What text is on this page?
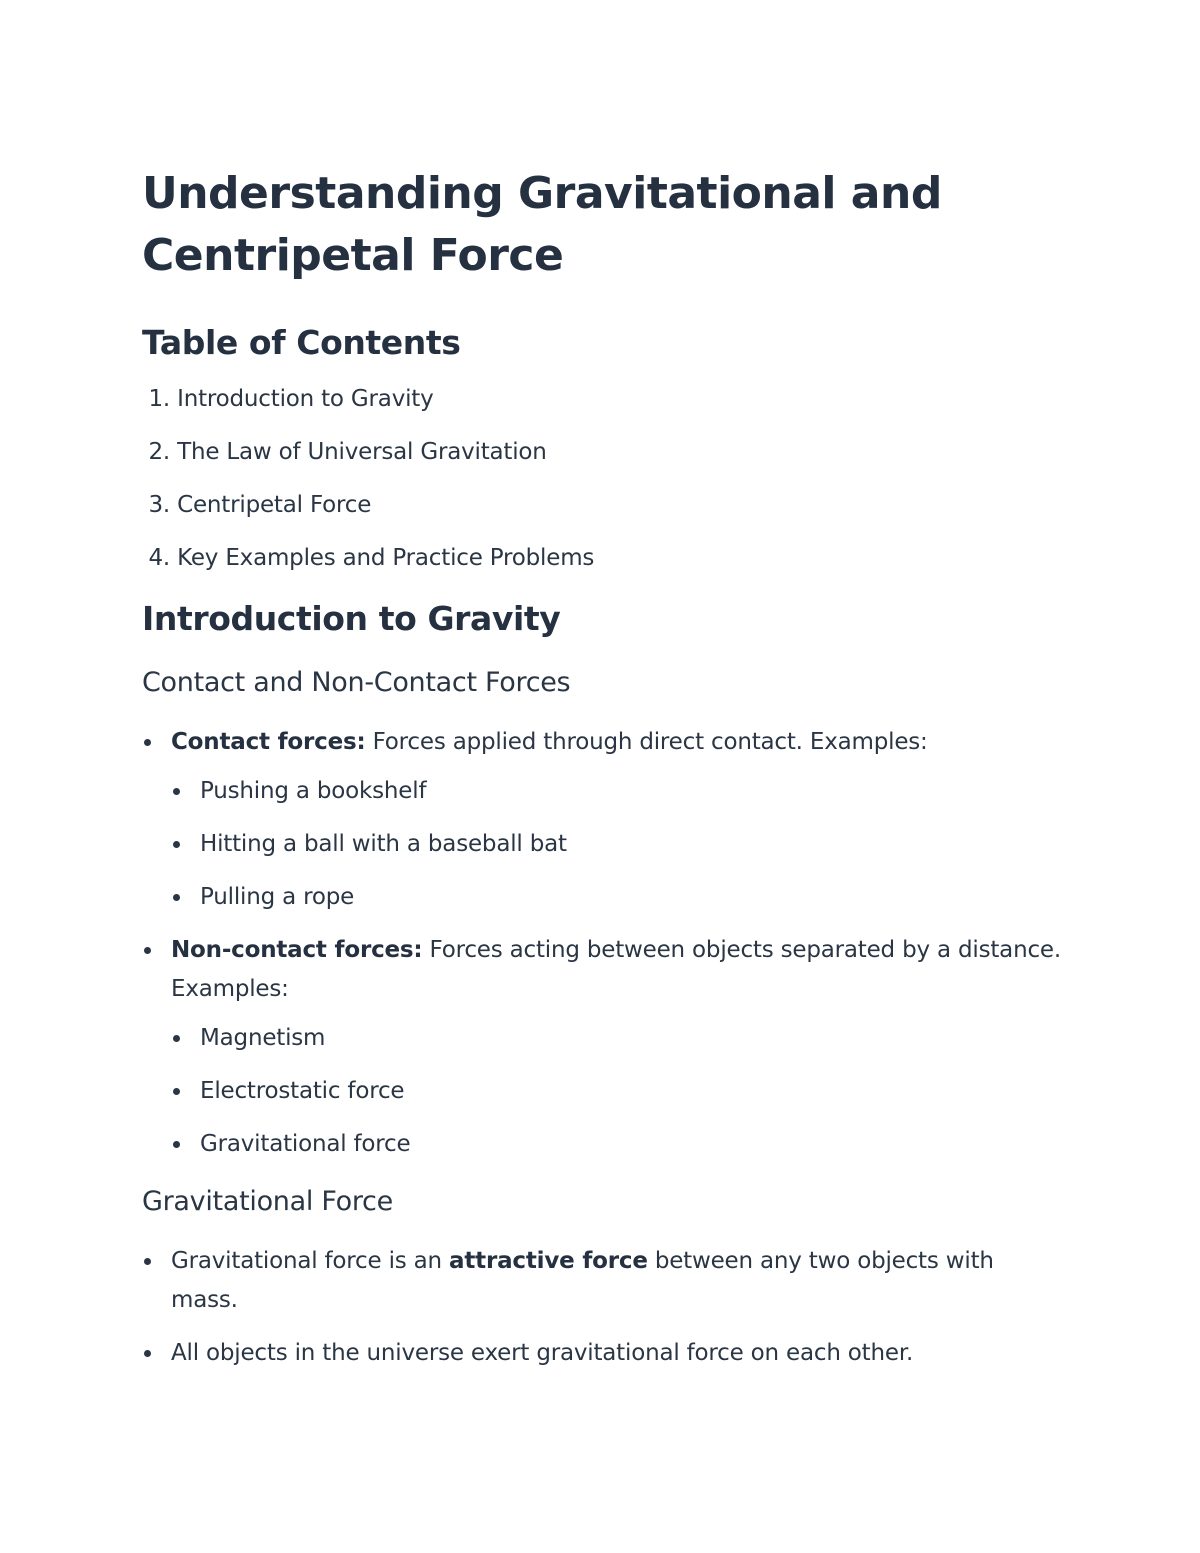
Understanding Gravitational and Centripetal Force
Table of Contents
1. Introduction to Gravity
2. The Law of Universal Gravitation
3. Centripetal Force
4. Key Examples and Practice Problems
Introduction to Gravity
Contact and Non-Contact Forces
Contact forces: Forces applied through direct contact. Examples:
Pushing a bookshelf
Hitting a ball with a baseball bat
Pulling a rope
Non-contact forces: Forces acting between objects separated by a distance. Examples:
Magnetism
Electrostatic force
Gravitational force
Gravitational Force
Gravitational force is an attractive force between any two objects with mass.
All objects in the universe exert gravitational force on each other.
